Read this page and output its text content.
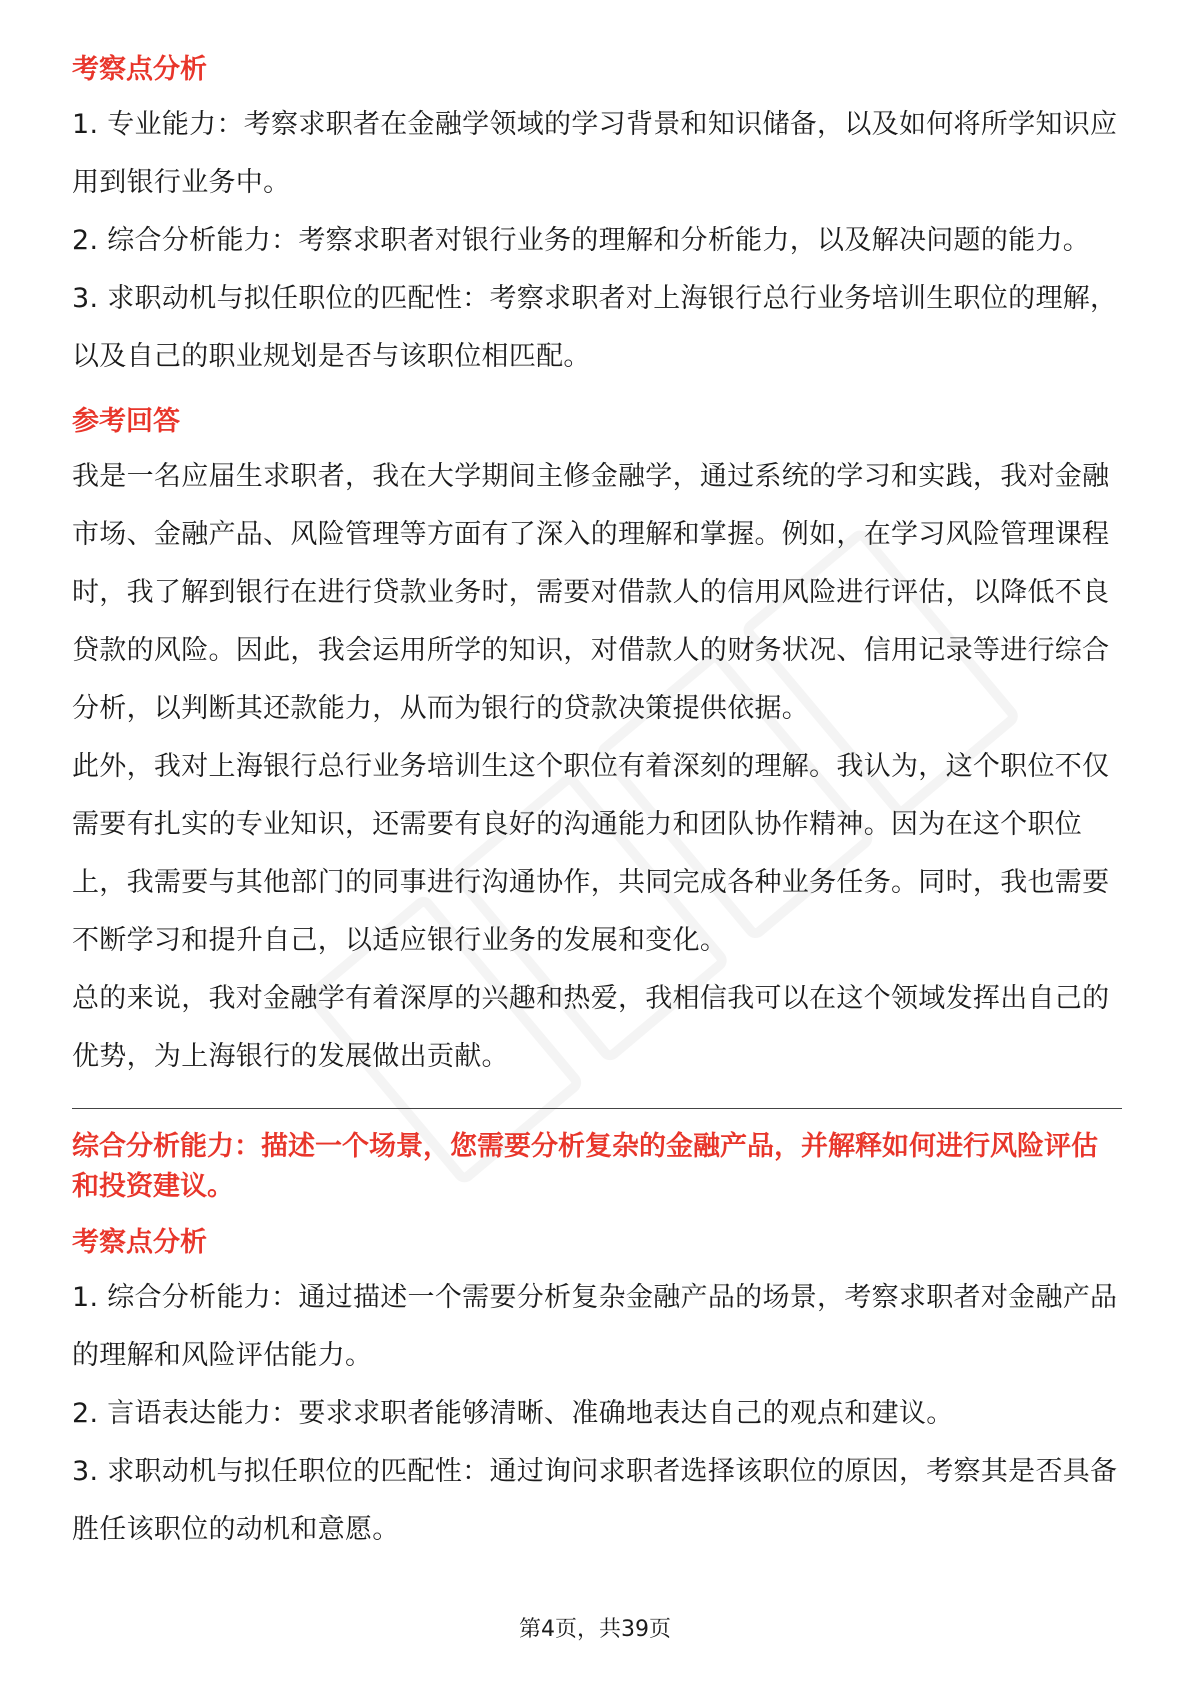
考察点分析

1. 专业能力：考察求职者在金融学领域的学习背景和知识储备，以及如何将所学知识应用到银行业务中。

2. 综合分析能力：考察求职者对银行业务的理解和分析能力，以及解决问题的能力。

3. 求职动机与拟任职位的匹配性：考察求职者对上海银行总行业务培训生职位的理解，以及自己的职业规划是否与该职位相匹配。

参考回答

我是一名应届生求职者，我在大学期间主修金融学，通过系统的学习和实践，我对金融市场、金融产品、风险管理等方面有了深入的理解和掌握。例如，在学习风险管理课程时，我了解到银行在进行贷款业务时，需要对借款人的信用风险进行评估，以降低不良贷款的风险。因此，我会运用所学的知识，对借款人的财务状况、信用记录等进行综合分析，以判断其还款能力，从而为银行的贷款决策提供依据。

此外，我对上海银行总行业务培训生这个职位有着深刻的理解。我认为，这个职位不仅需要有扎实的专业知识，还需要有良好的沟通能力和团队协作精神。因为在这个职位上，我需要与其他部门的同事进行沟通协作，共同完成各种业务任务。同时，我也需要不断学习和提升自己，以适应银行业务的发展和变化。

总的来说，我对金融学有着深厚的兴趣和热爱，我相信我可以在这个领域发挥出自己的优势，为上海银行的发展做出贡献。

综合分析能力：描述一个场景，您需要分析复杂的金融产品，并解释如何进行风险评估和投资建议。

考察点分析

1. 综合分析能力：通过描述一个需要分析复杂金融产品的场景，考察求职者对金融产品的理解和风险评估能力。

2. 言语表达能力：要求求职者能够清晰、准确地表达自己的观点和建议。

3. 求职动机与拟任职位的匹配性：通过询问求职者选择该职位的原因，考察其是否具备胜任该职位的动机和意愿。

第4页，共39页
